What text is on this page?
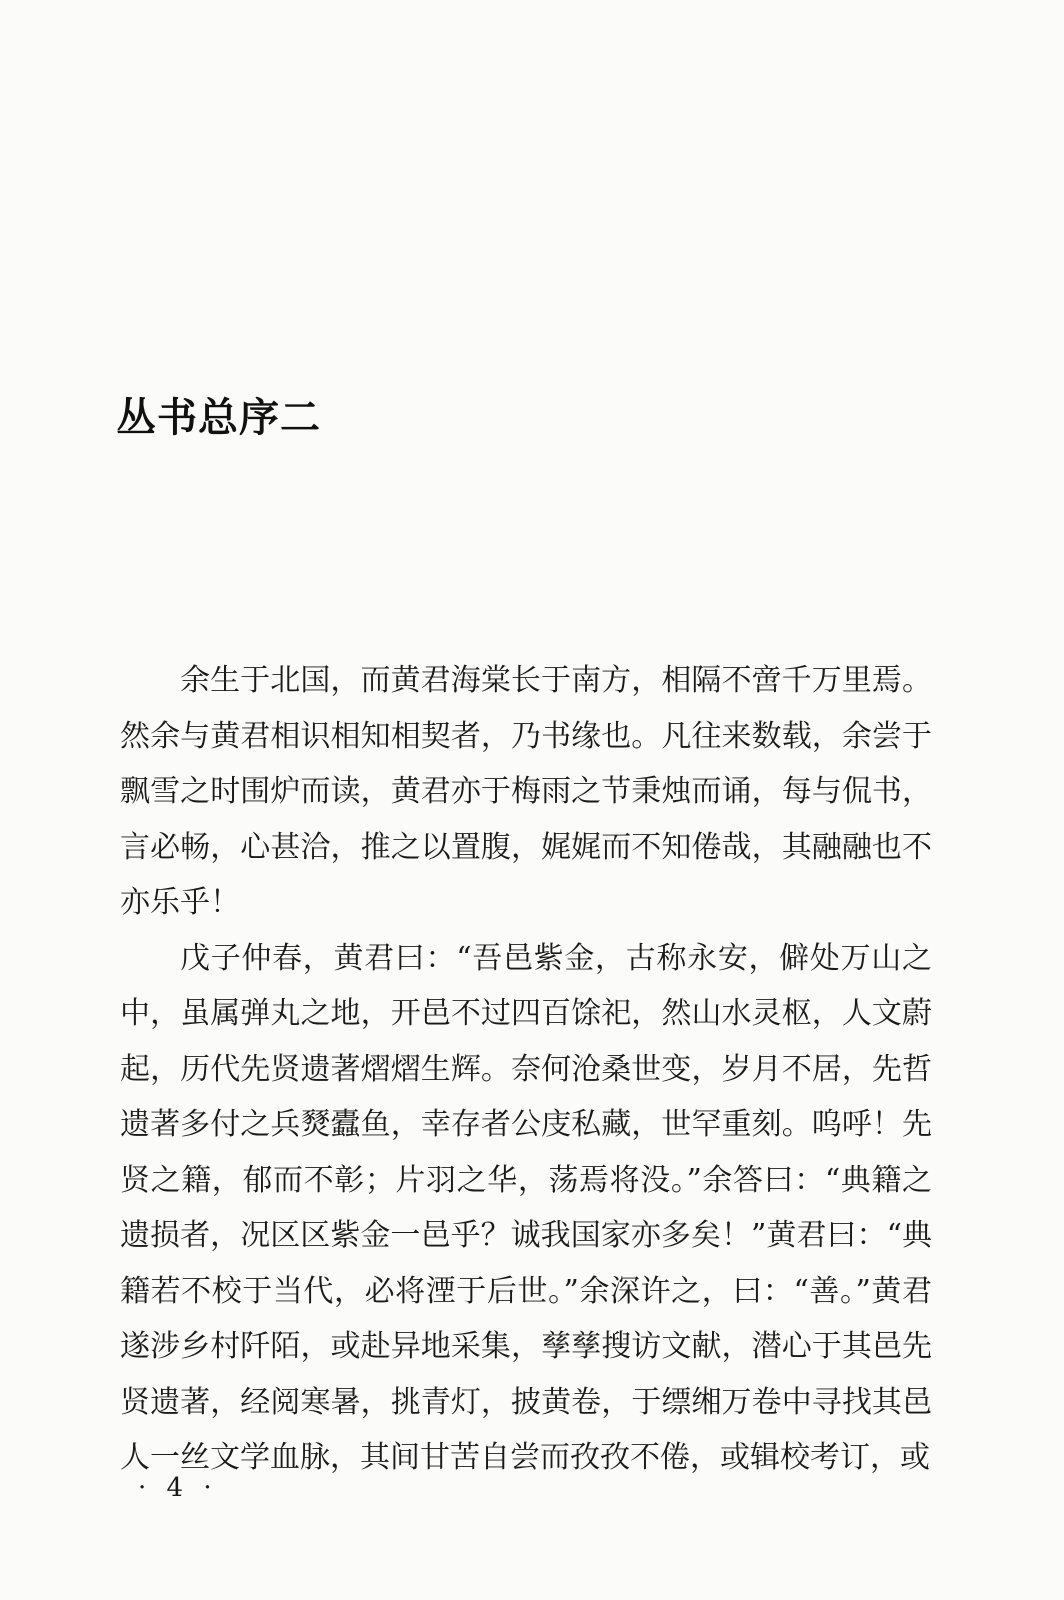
丛书总序二

余生于北国，而黄君海棠长于南方，相隔不啻千万里焉。然余与黄君相识相知相契者，乃书缘也。凡往来数载，余尝于飘雪之时围炉而读，黄君亦于梅雨之节秉烛而诵，每与侃书，言必畅，心甚洽，推之以置腹，娓娓而不知倦哉，其融融也不亦乐乎！

戊子仲春，黄君曰：“吾邑紫金，古称永安，僻处万山之中，虽属弹丸之地，开邑不过四百馀祀，然山水灵枢，人文蔚起，历代先贤遗著熠熠生辉。奈何沧桑世变，岁月不居，先哲遗著多付之兵燹蠹鱼，幸存者公庋私藏，世罕重刻。呜呼！先贤之籍，郁而不彰；片羽之华，荡焉将没。”余答曰：“典籍之遗损者，况区区紫金一邑乎？诚我国家亦多矣！”黄君曰：“典籍若不校于当代，必将湮于后世。”余深许之，曰：“善。”黄君遂涉乡村阡陌，或赴异地采集，孳孳搜访文献，潜心于其邑先贤遗著，经阅寒暑，挑青灯，披黄卷，于缥缃万卷中寻找其邑人一丝文学血脉，其间甘苦自尝而孜孜不倦，或辑校考订，或

· 4 ·
